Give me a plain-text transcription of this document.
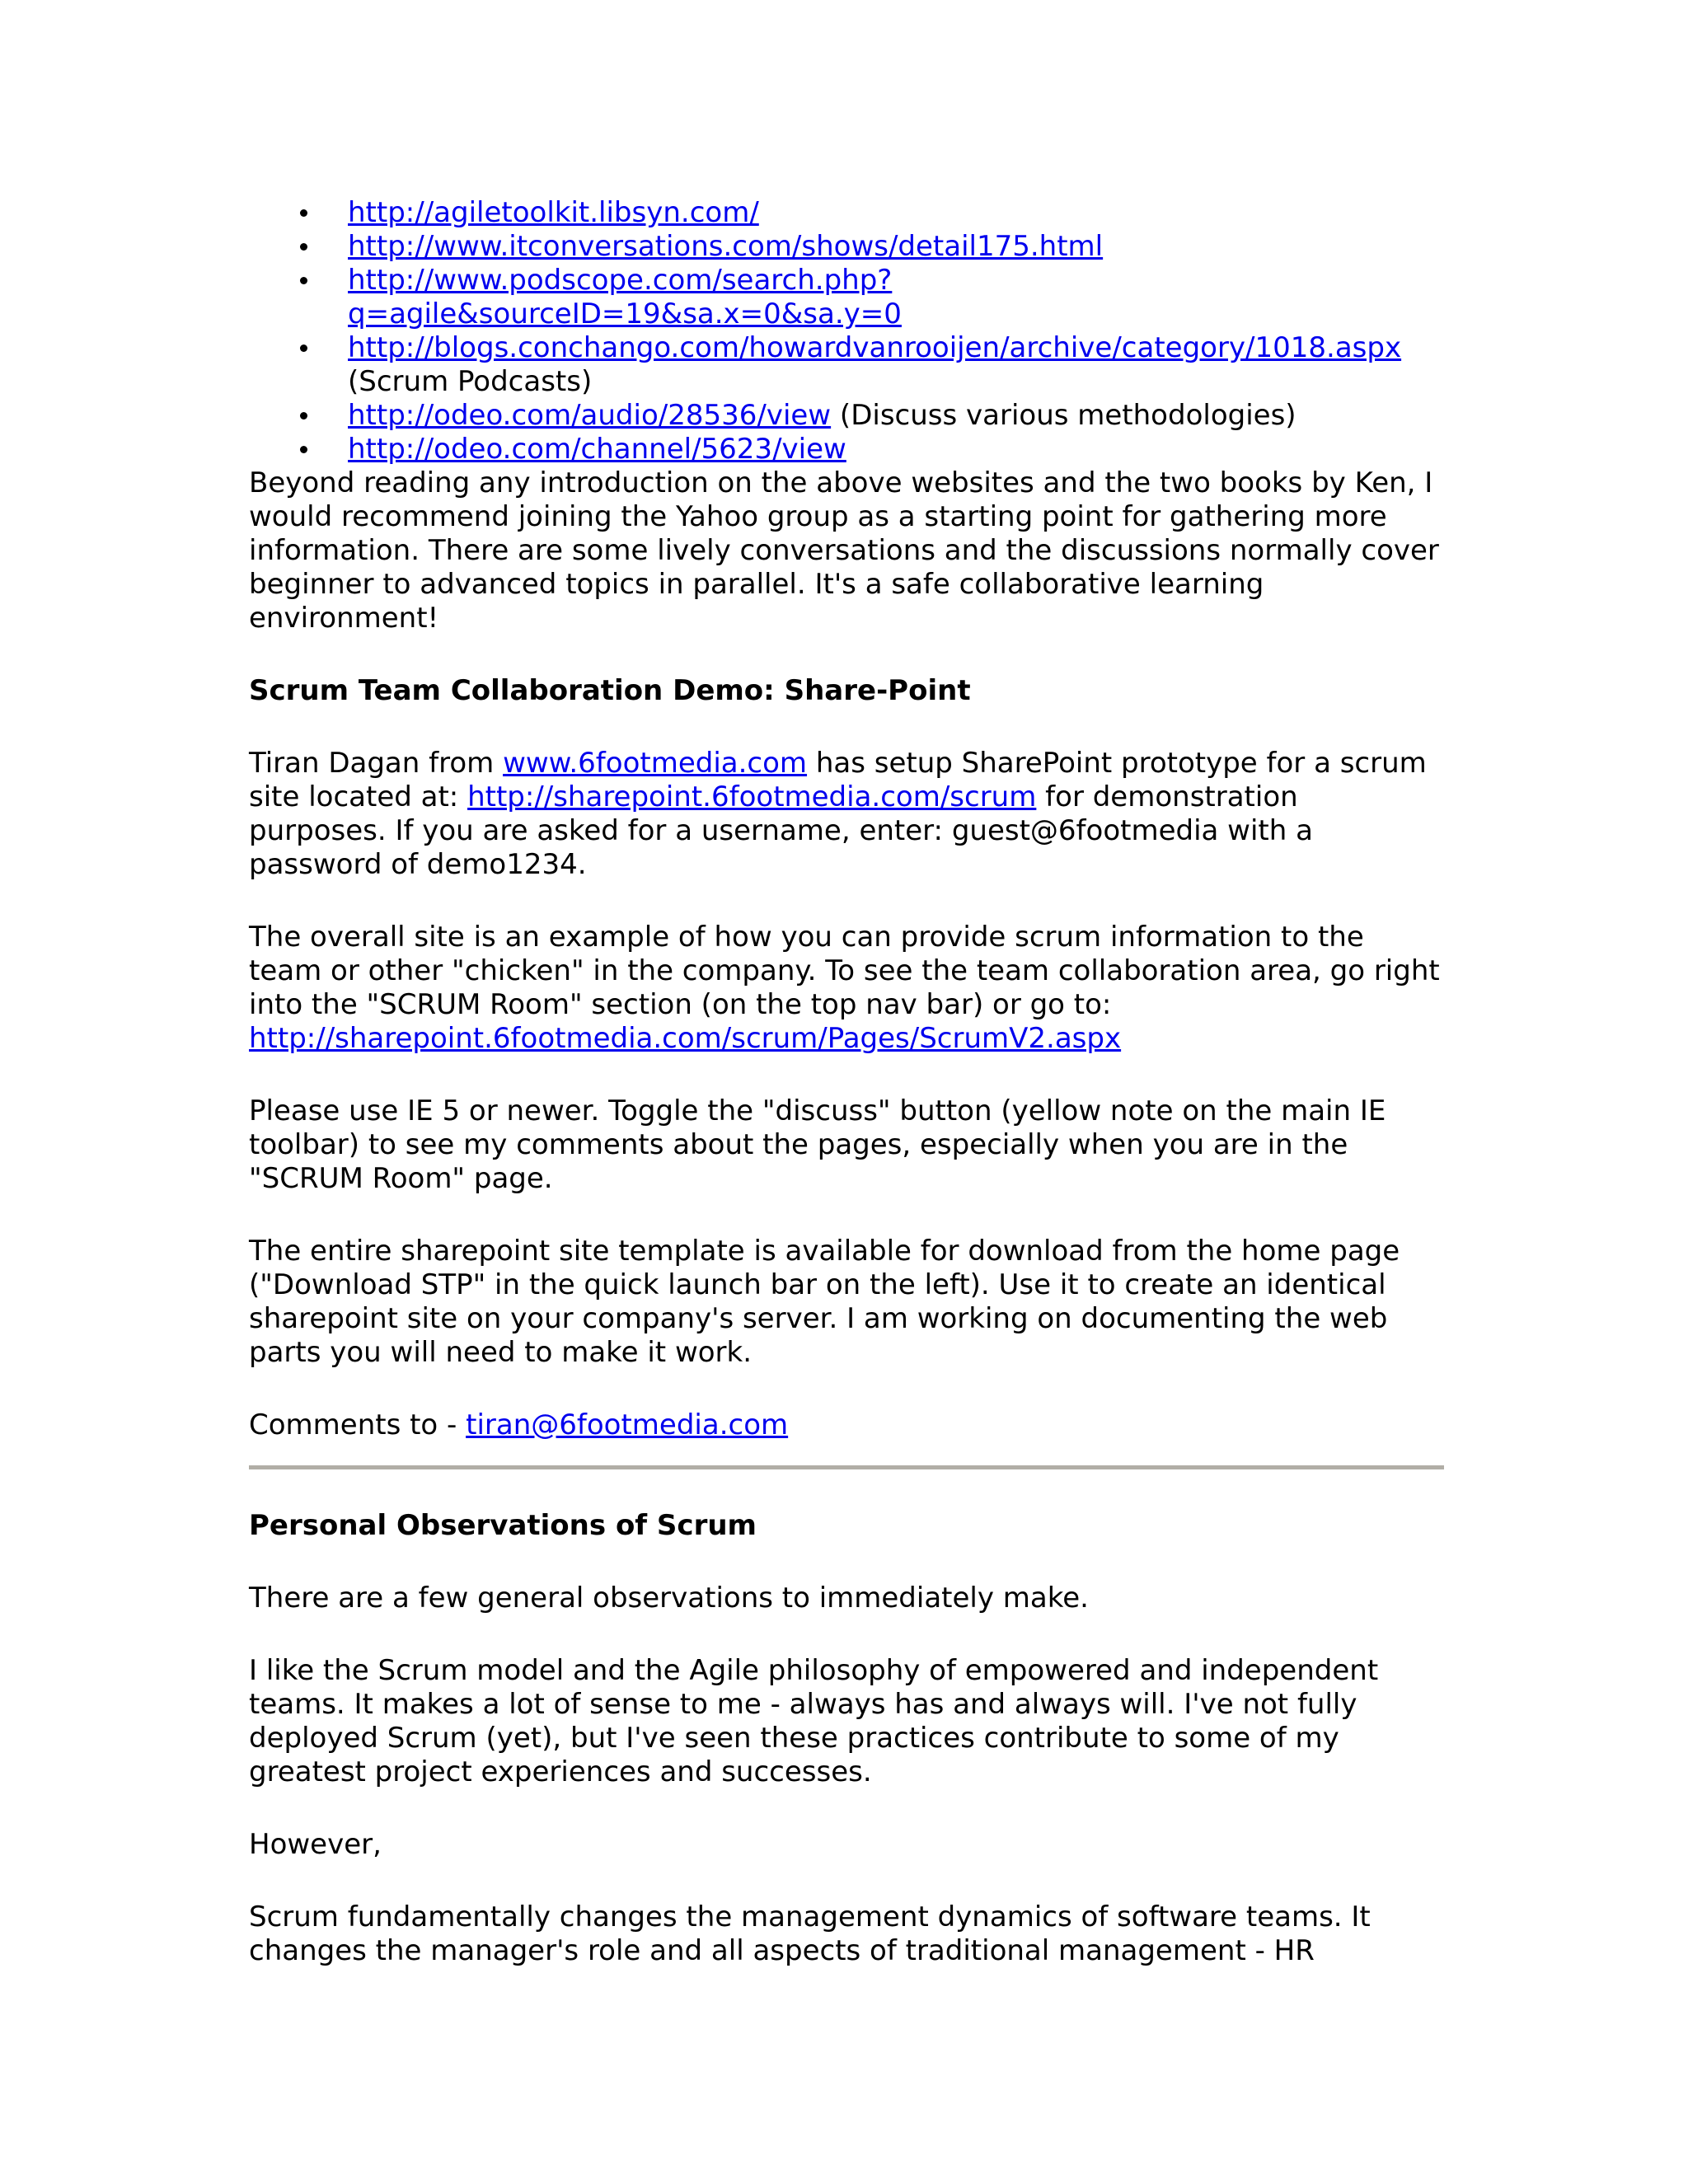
http://agiletoolkit.libsyn.com/
http://www.itconversations.com/shows/detail175.html
http://www.podscope.com/search.php?q=agile&sourceID=19&sa.x=0&sa.y=0
http://blogs.conchango.com/howardvanrooijen/archive/category/1018.aspx
(Scrum Podcasts)
http://odeo.com/audio/28536/view (Discuss various methodologies)
http://odeo.com/channel/5623/view

Beyond reading any introduction on the above websites and the two books by Ken, I would recommend joining the Yahoo group as a starting point for gathering more information. There are some lively conversations and the discussions normally cover beginner to advanced topics in parallel. It's a safe collaborative learning environment!

Scrum Team Collaboration Demo: Share-Point

Tiran Dagan from www.6footmedia.com has setup SharePoint prototype for a scrum site located at: http://sharepoint.6footmedia.com/scrum for demonstration purposes. If you are asked for a username, enter: guest@6footmedia with a password of demo1234.

The overall site is an example of how you can provide scrum information to the team or other "chicken" in the company. To see the team collaboration area, go right into the "SCRUM Room" section (on the top nav bar) or go to: http://sharepoint.6footmedia.com/scrum/Pages/ScrumV2.aspx

Please use IE 5 or newer. Toggle the "discuss" button (yellow note on the main IE toolbar) to see my comments about the pages, especially when you are in the "SCRUM Room" page.

The entire sharepoint site template is available for download from the home page ("Download STP" in the quick launch bar on the left). Use it to create an identical sharepoint site on your company's server. I am working on documenting the web parts you will need to make it work.

Comments to - tiran@6footmedia.com

Personal Observations of Scrum

There are a few general observations to immediately make.

I like the Scrum model and the Agile philosophy of empowered and independent teams. It makes a lot of sense to me - always has and always will. I've not fully deployed Scrum (yet), but I've seen these practices contribute to some of my greatest project experiences and successes.

However,

Scrum fundamentally changes the management dynamics of software teams. It changes the manager's role and all aspects of traditional management - HR
